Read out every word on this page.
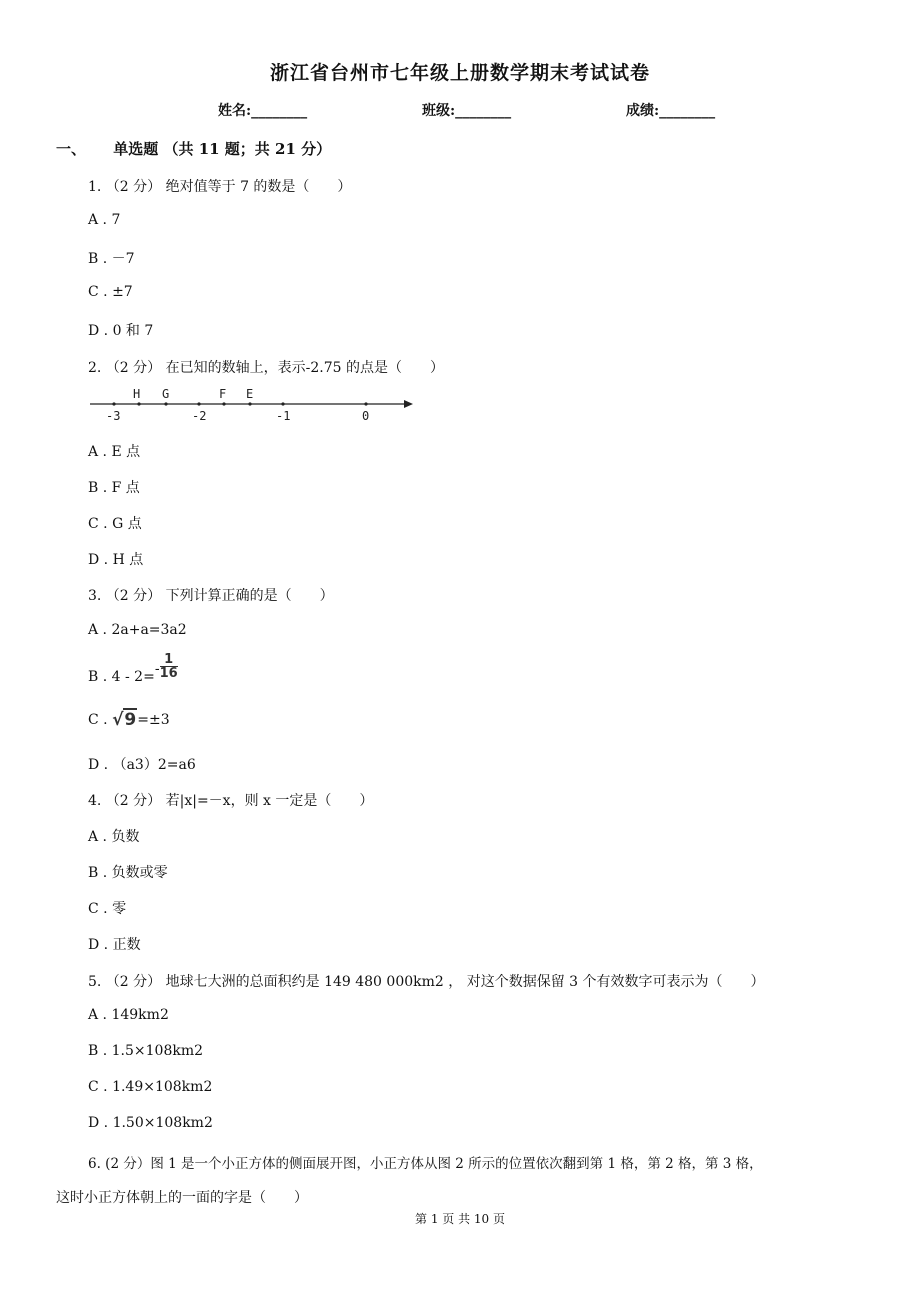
浙江省台州市七年级上册数学期末考试试卷
姓名:________	班级:________	成绩:________
一、 单选题 （共 11 题；共 21 分）
1. （2 分） 绝对值等于 7 的数是（　　）
A . 7
B . －7
C . ±7
D . 0 和 7
2. （2 分） 在已知的数轴上，表示-2.75 的点是（　　）
H G	F E
-3	-2	-1	0
A . E 点
B . F 点
C . G 点
D . H 点
3. （2 分） 下列计算正确的是（　　）
A . 2a+a=3a2
B . $4 - 2=- \frac{1}{16}$
C . √9=±3
D . （a3）2=a6
4. （2 分） 若|x|=－x，则 x 一定是（　　）
A . 负数
B . 负数或零
C . 零
D . 正数
5. （2 分） 地球七大洲的总面积约是 149 480 000km2 ， 对这个数据保留 3 个有效数字可表示为（　　）
A . 149km2
B . 1.5×108km2
C . 1.49×108km2
D . 1.50×108km2
6. (2 分）图 1 是一个小正方体的侧面展开图，小正方体从图 2 所示的位置依次翻到第 1 格，第 2 格，第 3 格，
这时小正方体朝上的一面的字是（　　）
第 1 页 共 10 页
